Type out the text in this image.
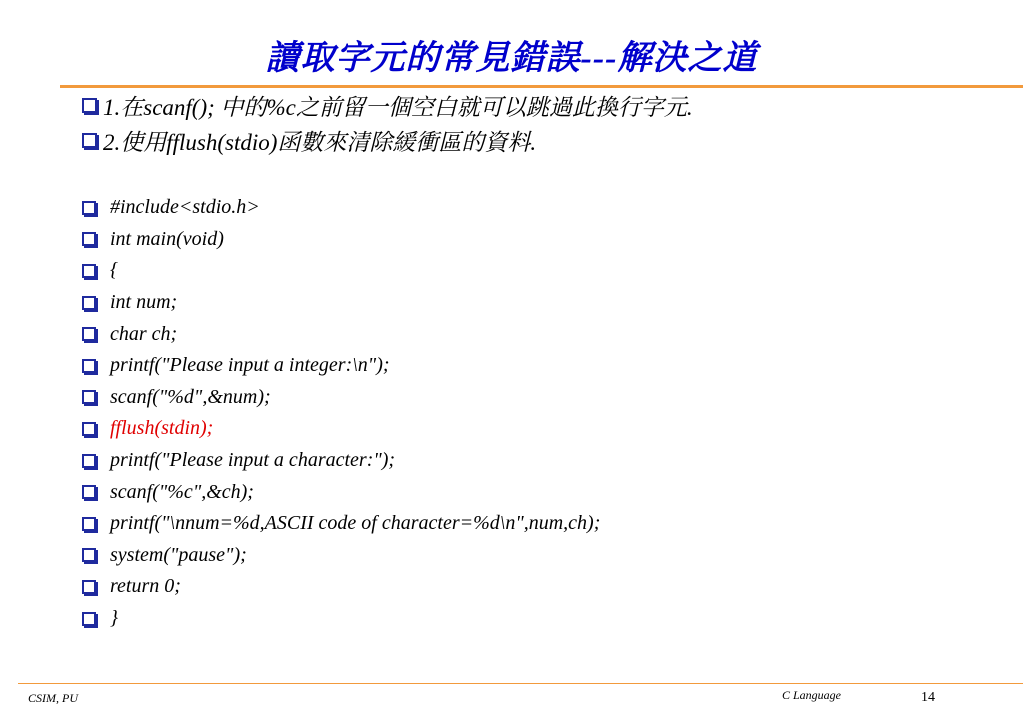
讀取字元的常見錯誤---解決之道
1.在scanf(); 中的%c之前留一個空白就可以跳過此換行字元.
2.使用fflush(stdio)函數來清除緩衝區的資料.
#include<stdio.h>
int main(void)
{
int num;
char ch;
printf("Please input a integer:\n");
scanf("%d",&num);
fflush(stdin);
printf("Please input a character:");
scanf("%c",&ch);
printf("\nnum=%d,ASCII code of character=%d\n",num,ch);
system("pause");
return 0;
}
CSIM, PU	C Language	14
